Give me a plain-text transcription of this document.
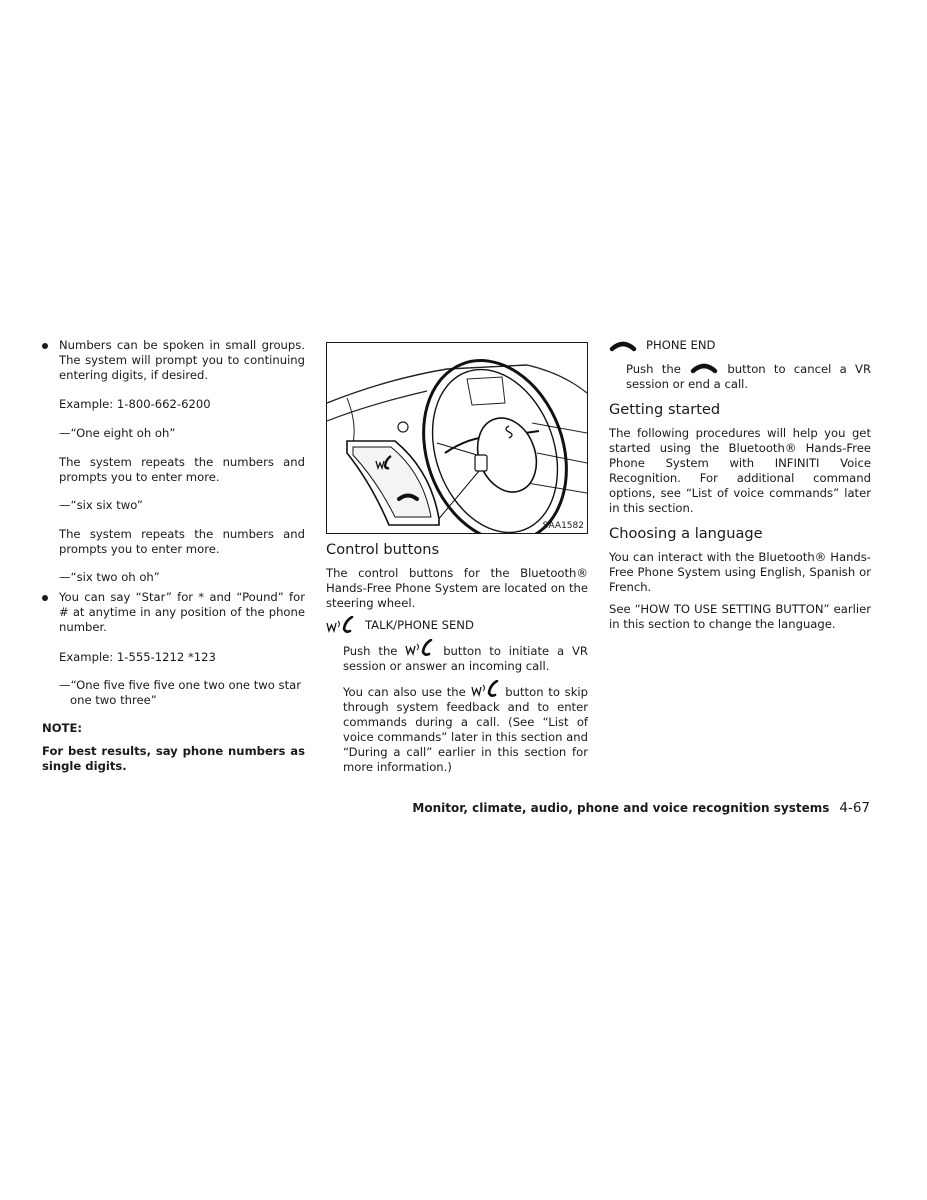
Numbers can be spoken in small groups. The system will prompt you to continuing entering digits, if desired.

Example: 1-800-662-6200

—“One eight oh oh”

The system repeats the numbers and prompts you to enter more.

—“six six two”

The system repeats the numbers and prompts you to enter more.

—“six two oh oh”

You can say “Star” for * and “Pound” for # at anytime in any position of the phone number.

Example: 1-555-1212 *123

—“One five five five one two one two star one two three”

NOTE:

For best results, say phone numbers as single digits.

SAA1582
Control buttons

The control buttons for the Bluetooth® Hands-Free Phone System are located on the steering wheel.

TALK/PHONE SEND

Push the	button to initiate a VR session or answer an incoming call.

You can also use the	button to skip through system feedback and to enter commands during a call. (See “List of voice commands” later in this section and “During a call” earlier in this section for more information.)

PHONE END

Push the	button to cancel a VR session or end a call.

Getting started

The following procedures will help you get started using the Bluetooth® Hands-Free Phone System with INFINITI Voice Recognition. For additional command options, see “List of voice commands” later in this section.

Choosing a language

You can interact with the Bluetooth® Hands-Free Phone System using English, Spanish or French.

See “HOW TO USE SETTING BUTTON” earlier in this section to change the language.

Monitor, climate, audio, phone and voice recognition systems 4-67
